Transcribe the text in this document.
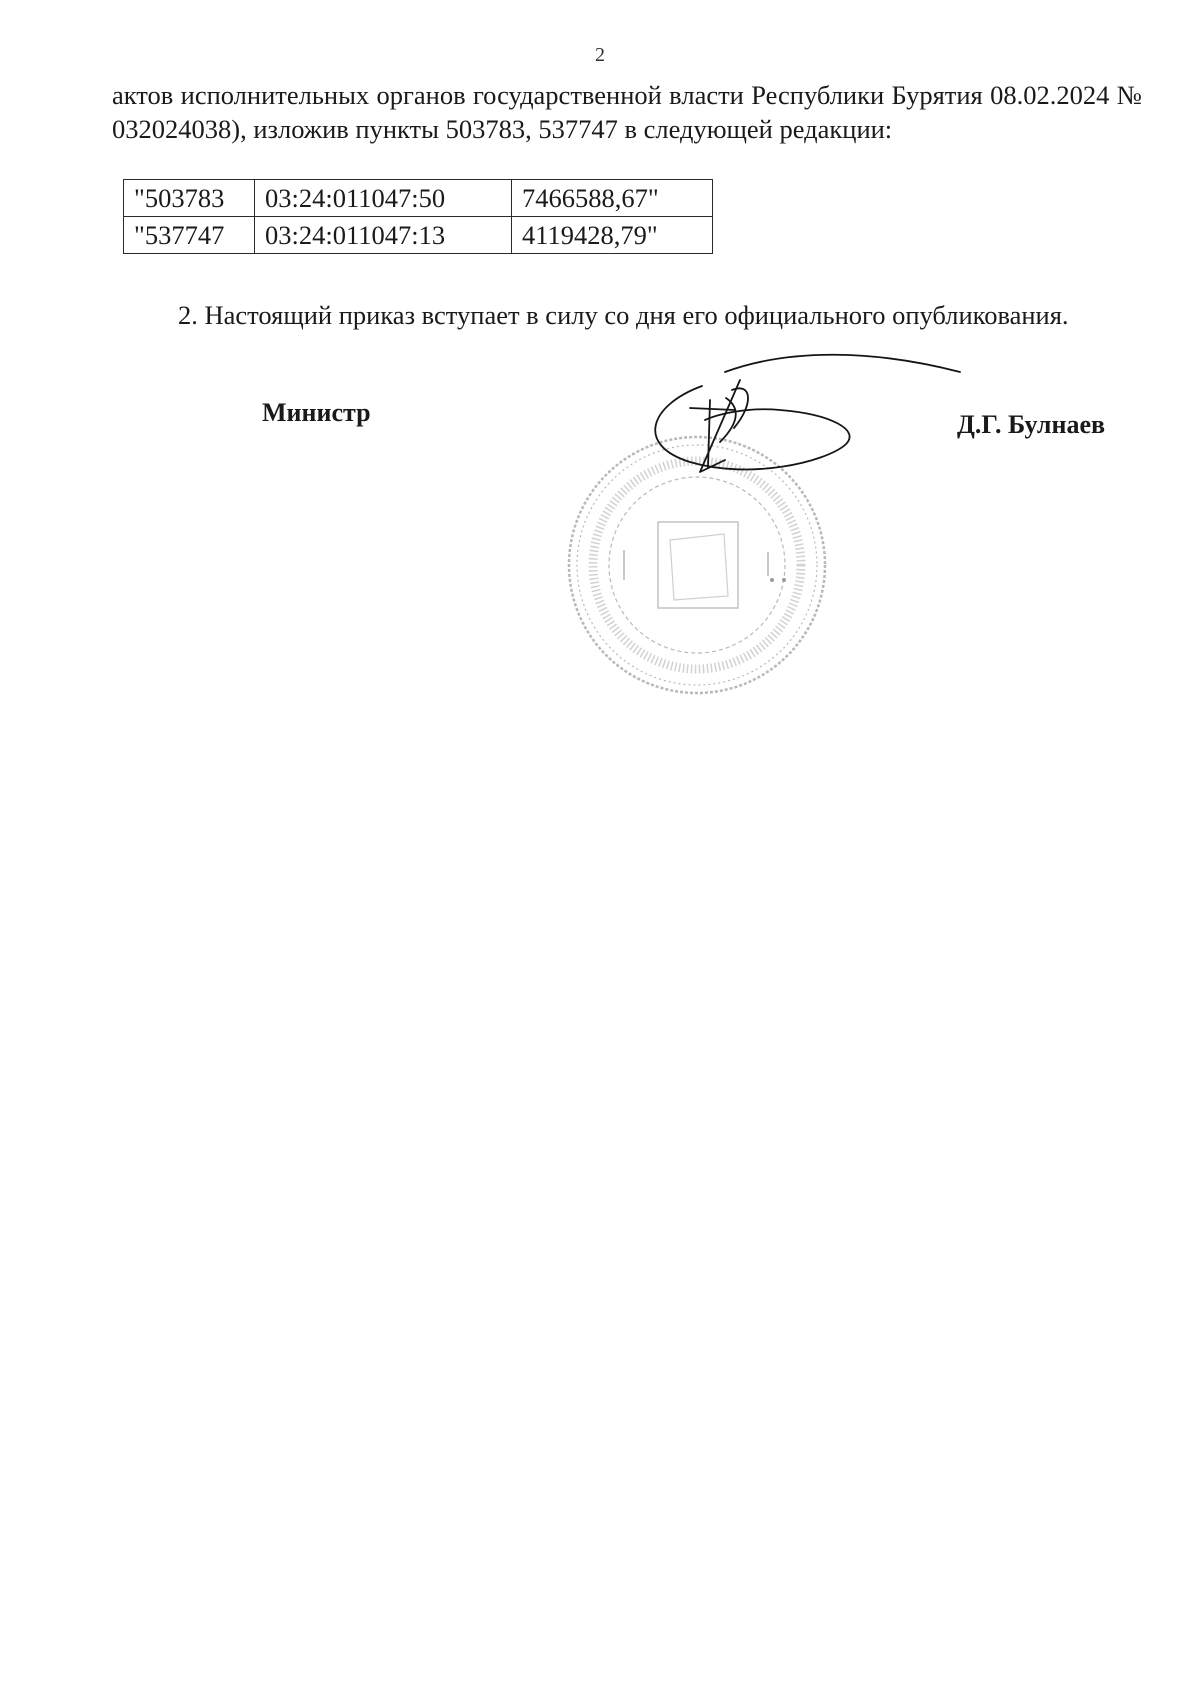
2
актов исполнительных органов государственной власти Республики Бурятия 08.02.2024 № 032024038), изложив пункты 503783, 537747 в следующей редакции:
"503783	03:24:011047:50	7466588,67"
"537747	03:24:011047:13	4119428,79"
2. Настоящий приказ вступает в силу со дня его официального опубликования.
Министр	Д.Г. Булнаев
